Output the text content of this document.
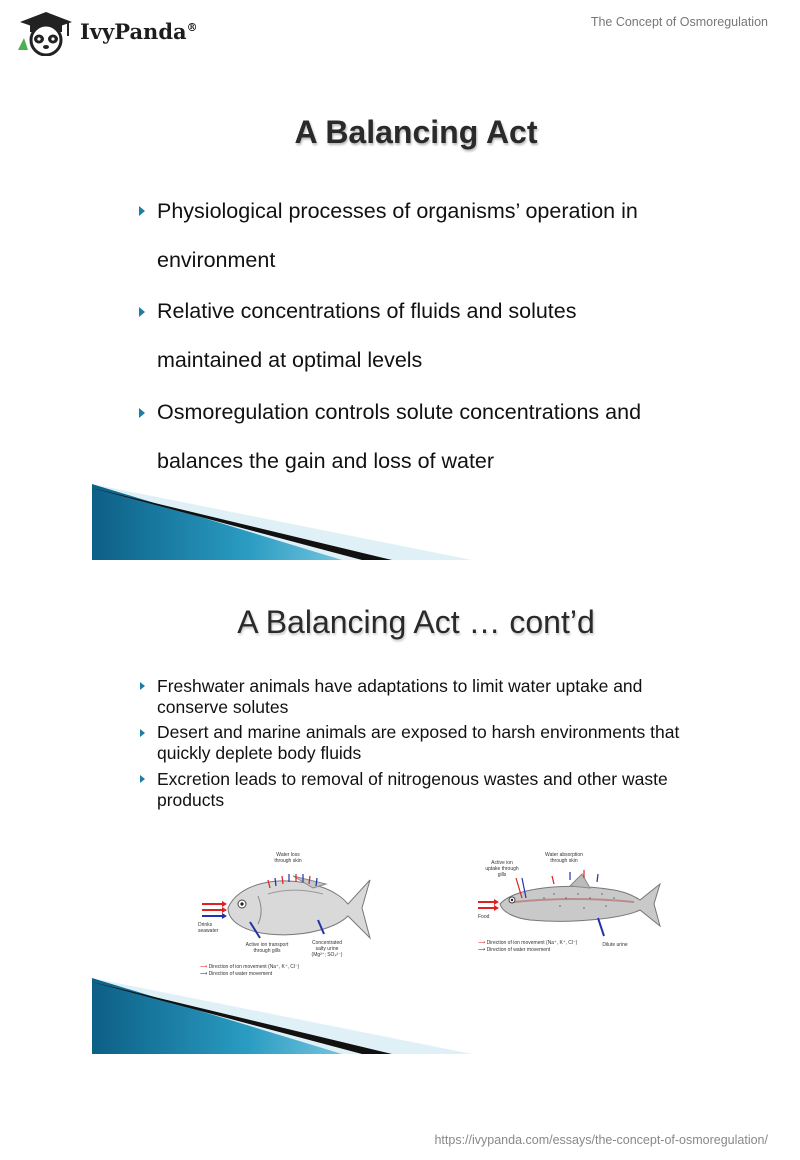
IvyPanda®	The Concept of Osmoregulation
A Balancing Act
Physiological processes of organisms’ operation in
environment
Relative concentrations of fluids and solutes
maintained at optimal levels
Osmoregulation controls solute concentrations and
balances the gain and loss of water
A Balancing Act … cont’d
Freshwater animals have adaptations to limit water uptake and
conserve solutes
Desert and marine animals are exposed to harsh environments that
quickly deplete body fluids
Excretion leads to removal of nitrogenous wastes and other waste
products
Water loss through skin
Drinks seawater
Active ion transport through gills
Concentrated salty urine (Mg²⁺; SO₄²⁻)
⟶ Direction of ion movement (Na⁺, K⁺, Cl⁻)
⟶ Direction of water movement
Water absorption through skin
Active ion uptake through gills
Food
Dilute urine
⟶ Direction of ion movement (Na⁺, K⁺, Cl⁻)
⟶ Direction of water movement
https://ivypanda.com/essays/the-concept-of-osmoregulation/
